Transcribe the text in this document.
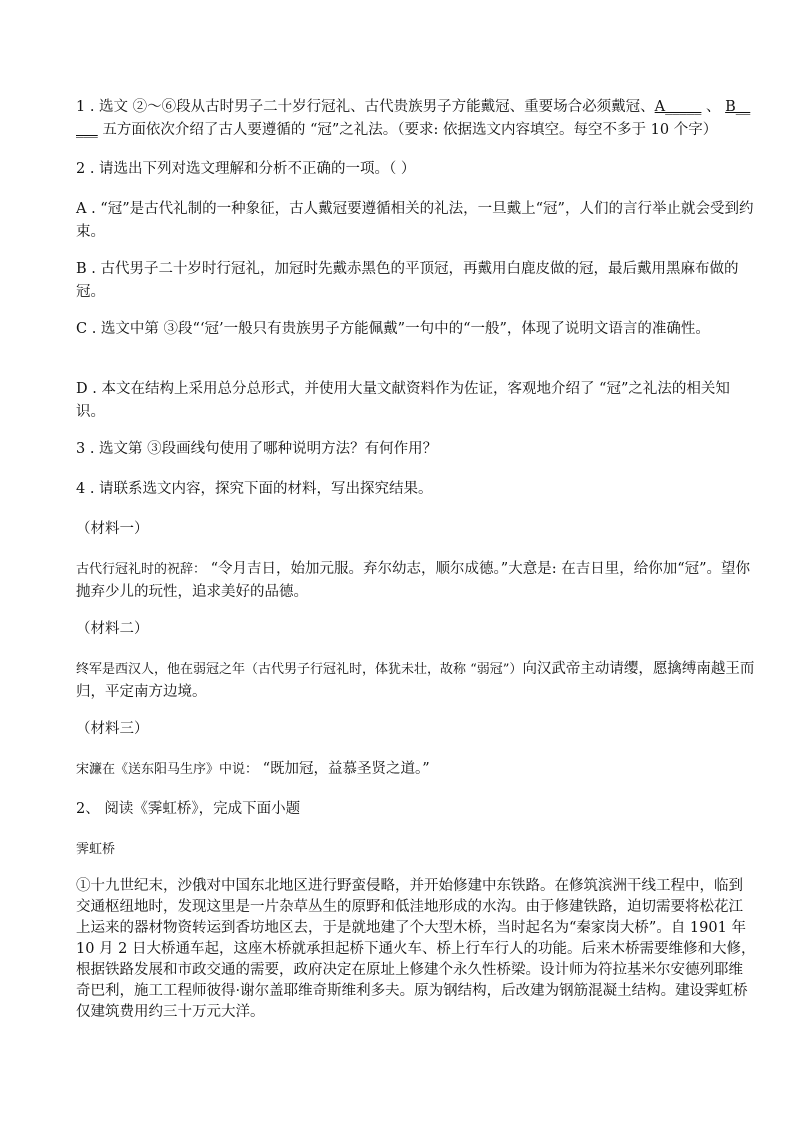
1 . 选文 ②～⑥段从古时男子二十岁行冠礼、古代贵族男子方能戴冠、重要场合必须戴冠、A_____ 、 B_____ 五方面依次介绍了古人要遵循的 “冠”之礼法。（要求: 依据选文内容填空。每空不多于 10 个字）

2 . 请选出下列对选文理解和分析不正确的一项。（ ）

A . “冠”是古代礼制的一种象征，古人戴冠要遵循相关的礼法，一旦戴上“冠”，人们的言行举止就会受到约束。

B . 古代男子二十岁时行冠礼，加冠时先戴赤黑色的平顶冠，再戴用白鹿皮做的冠，最后戴用黑麻布做的冠。

C . 选文中第 ③段“‘冠’一般只有贵族男子方能佩戴”一句中的“一般”，体现了说明文语言的准确性。

D . 本文在结构上采用总分总形式，并使用大量文献资料作为佐证，客观地介绍了 “冠”之礼法的相关知识。

3 . 选文第 ③段画线句使用了哪种说明方法？有何作用？

4 . 请联系选文内容，探究下面的材料，写出探究结果。

（材料一）

古代行冠礼时的祝辞： “令月吉日，始加元服。弃尔幼志，顺尔成德。”大意是: 在吉日里，给你加“冠”。望你抛弃少儿的玩性，追求美好的品德。

（材料二）

终军是西汉人，他在弱冠之年（古代男子行冠礼时，体犹未壮，故称 “弱冠”）向汉武帝主动请缨，愿擒缚南越王而归，平定南方边境。

（材料三）

宋濂在《送东阳马生序》中说： “既加冠，益慕圣贤之道。”

2、 阅读《霁虹桥》，完成下面小题

霁虹桥

①十九世纪末，沙俄对中国东北地区进行野蛮侵略，并开始修建中东铁路。在修筑滨洲干线工程中，临到交通枢纽地时，发现这里是一片杂草丛生的原野和低洼地形成的水沟。由于修建铁路，迫切需要将松花江上运来的器材物资转运到香坊地区去，于是就地建了个大型木桥，当时起名为“秦家岗大桥”。自 1901 年 10 月 2 日大桥通车起，这座木桥就承担起桥下通火车、桥上行车行人的功能。后来木桥需要维修和大修，根据铁路发展和市政交通的需要，政府决定在原址上修建个永久性桥梁。设计师为符拉基米尔安德列耶维奇巴利，施工工程师彼得·谢尔盖耶维奇斯维利多夫。原为钢结构，后改建为钢筋混凝土结构。建设霁虹桥仅建筑费用约三十万元大洋。
